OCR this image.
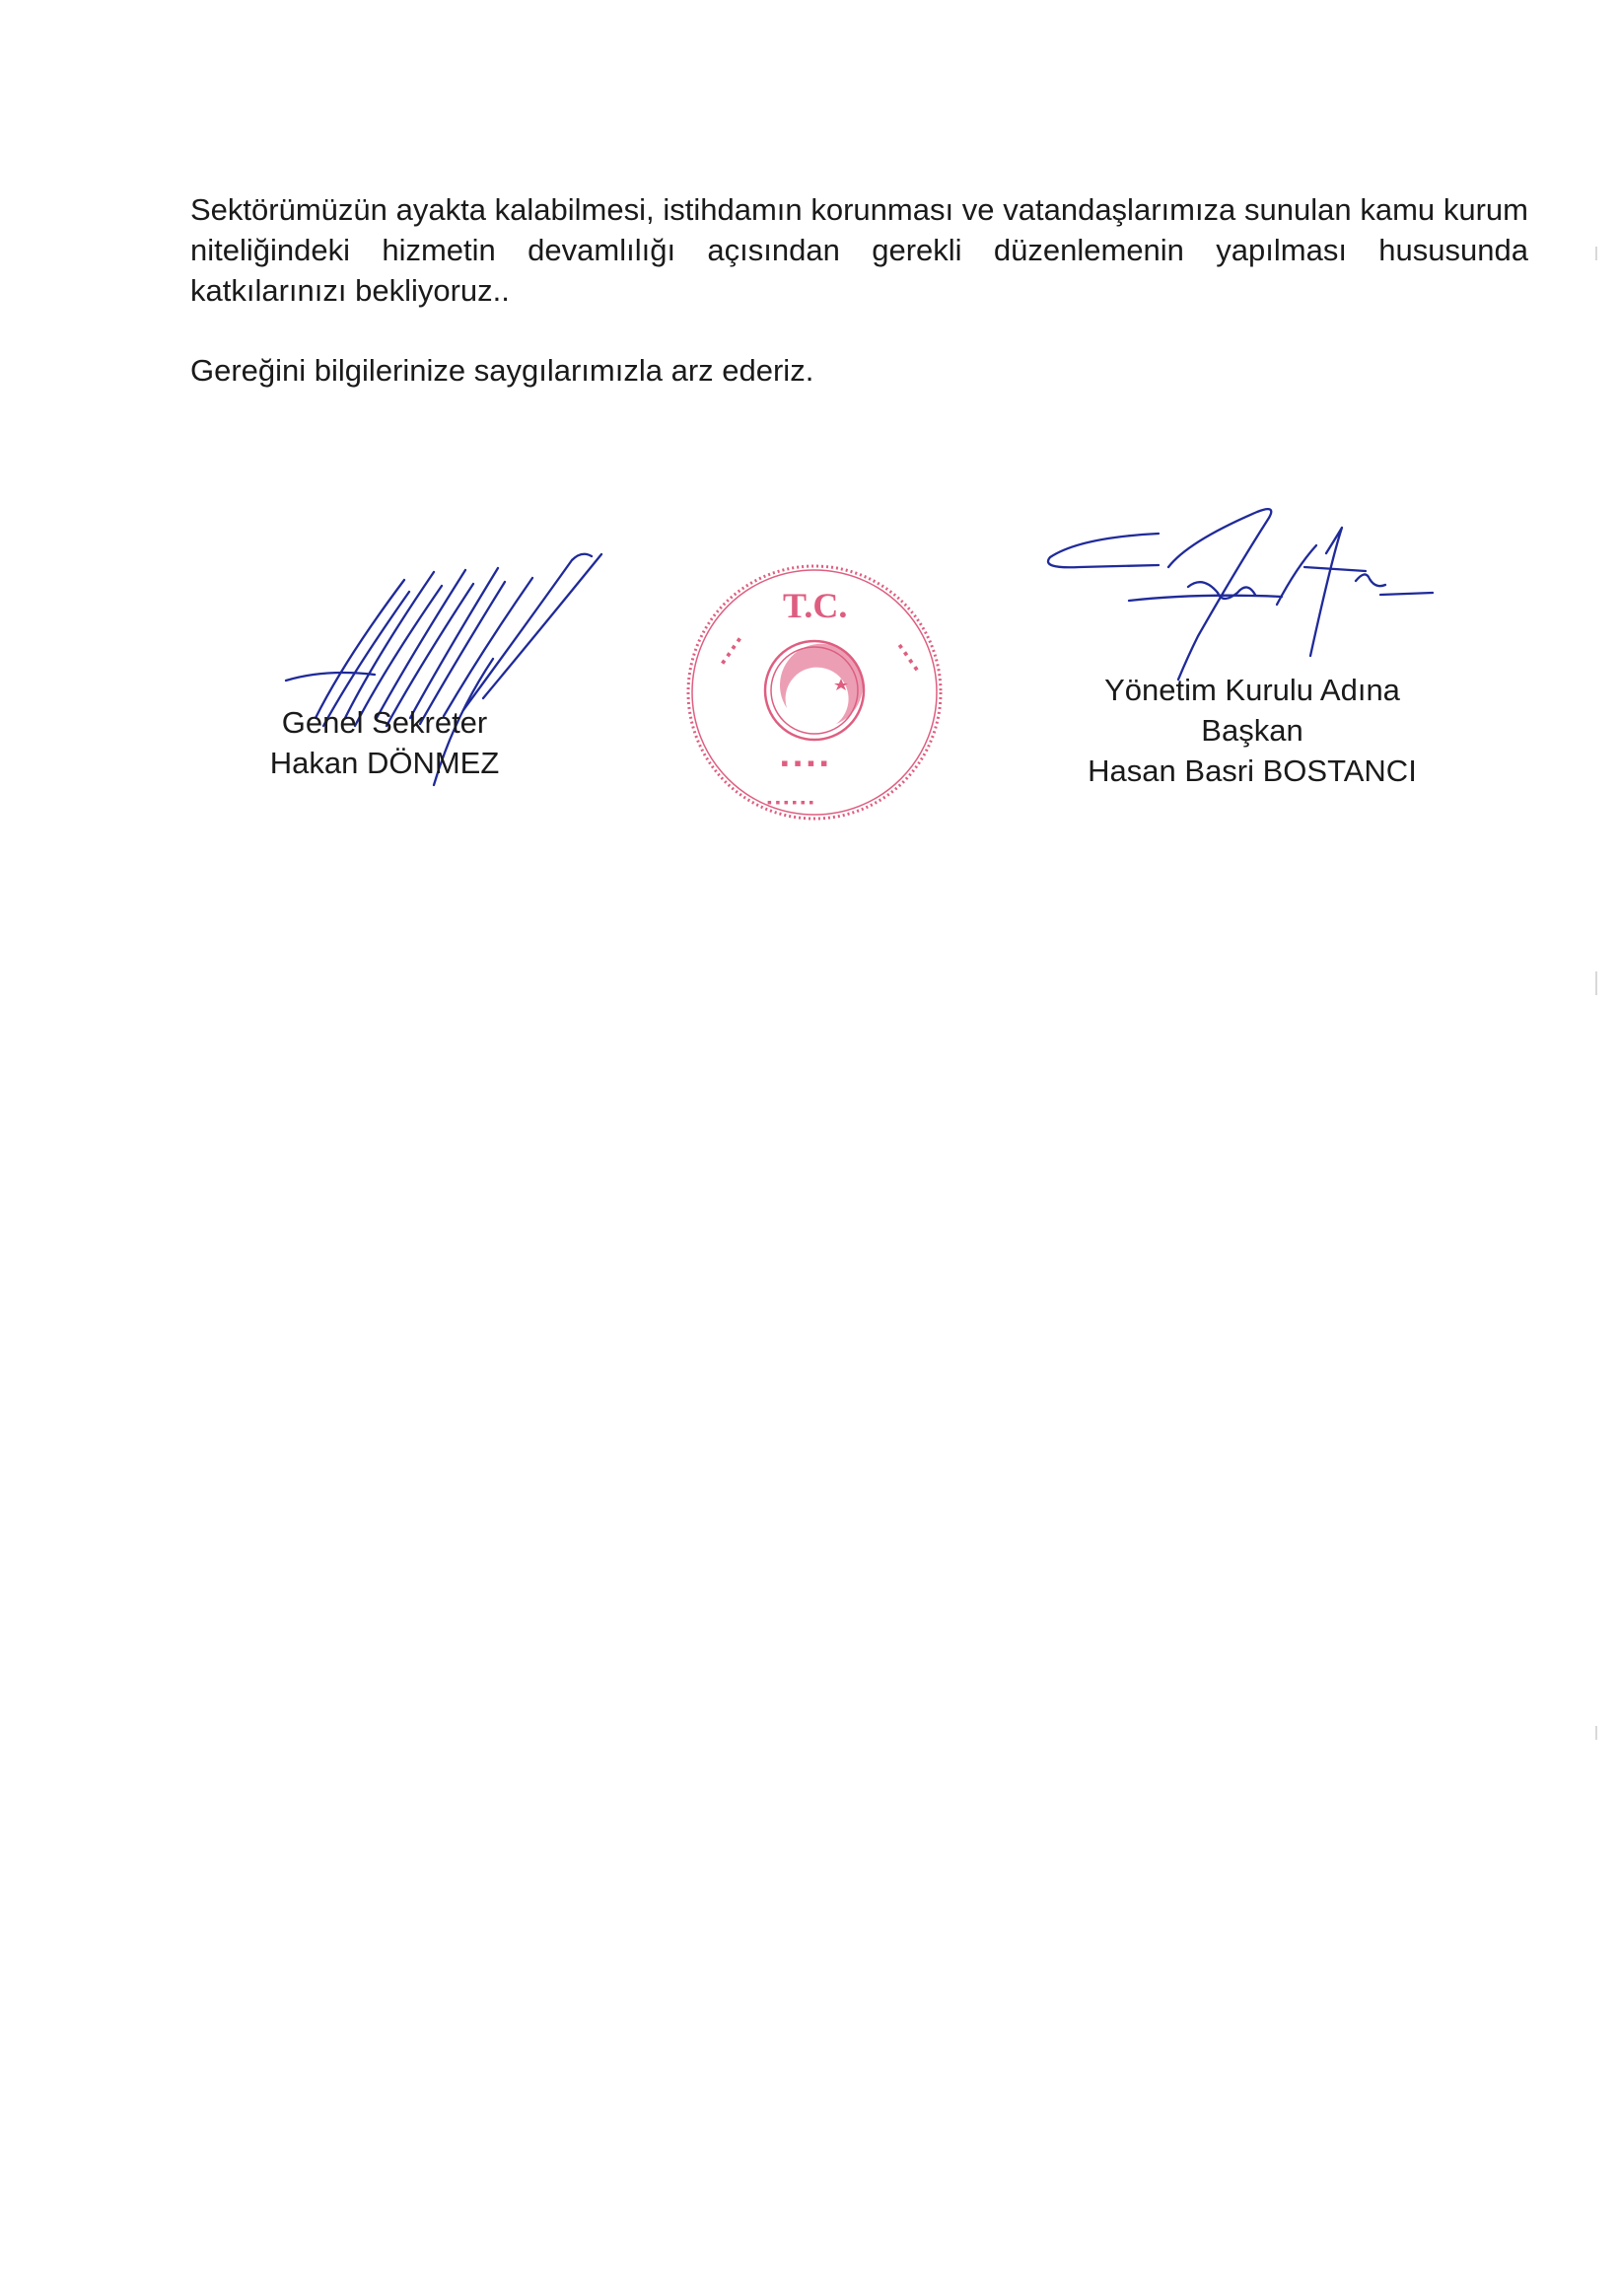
Sektörümüzün ayakta kalabilmesi, istihdamın korunması ve vatandaşlarımıza sunulan kamu kurum niteliğindeki hizmetin devamlılığı açısından gerekli düzenlemenin yapılması hususunda katkılarınızı bekliyoruz..

Gereğini bilgilerinize saygılarımızla arz ederiz.

Genel Sekreter
Hakan DÖNMEZ
T.C.
▪ ▪ ▪ ▪	▪ ▪ ▪ ▪
▪ ▪ ▪ ▪
▪ ▪ ▪ ▪ ▪ ▪
Yönetim Kurulu Adına
Başkan
Hasan Basri BOSTANCI
